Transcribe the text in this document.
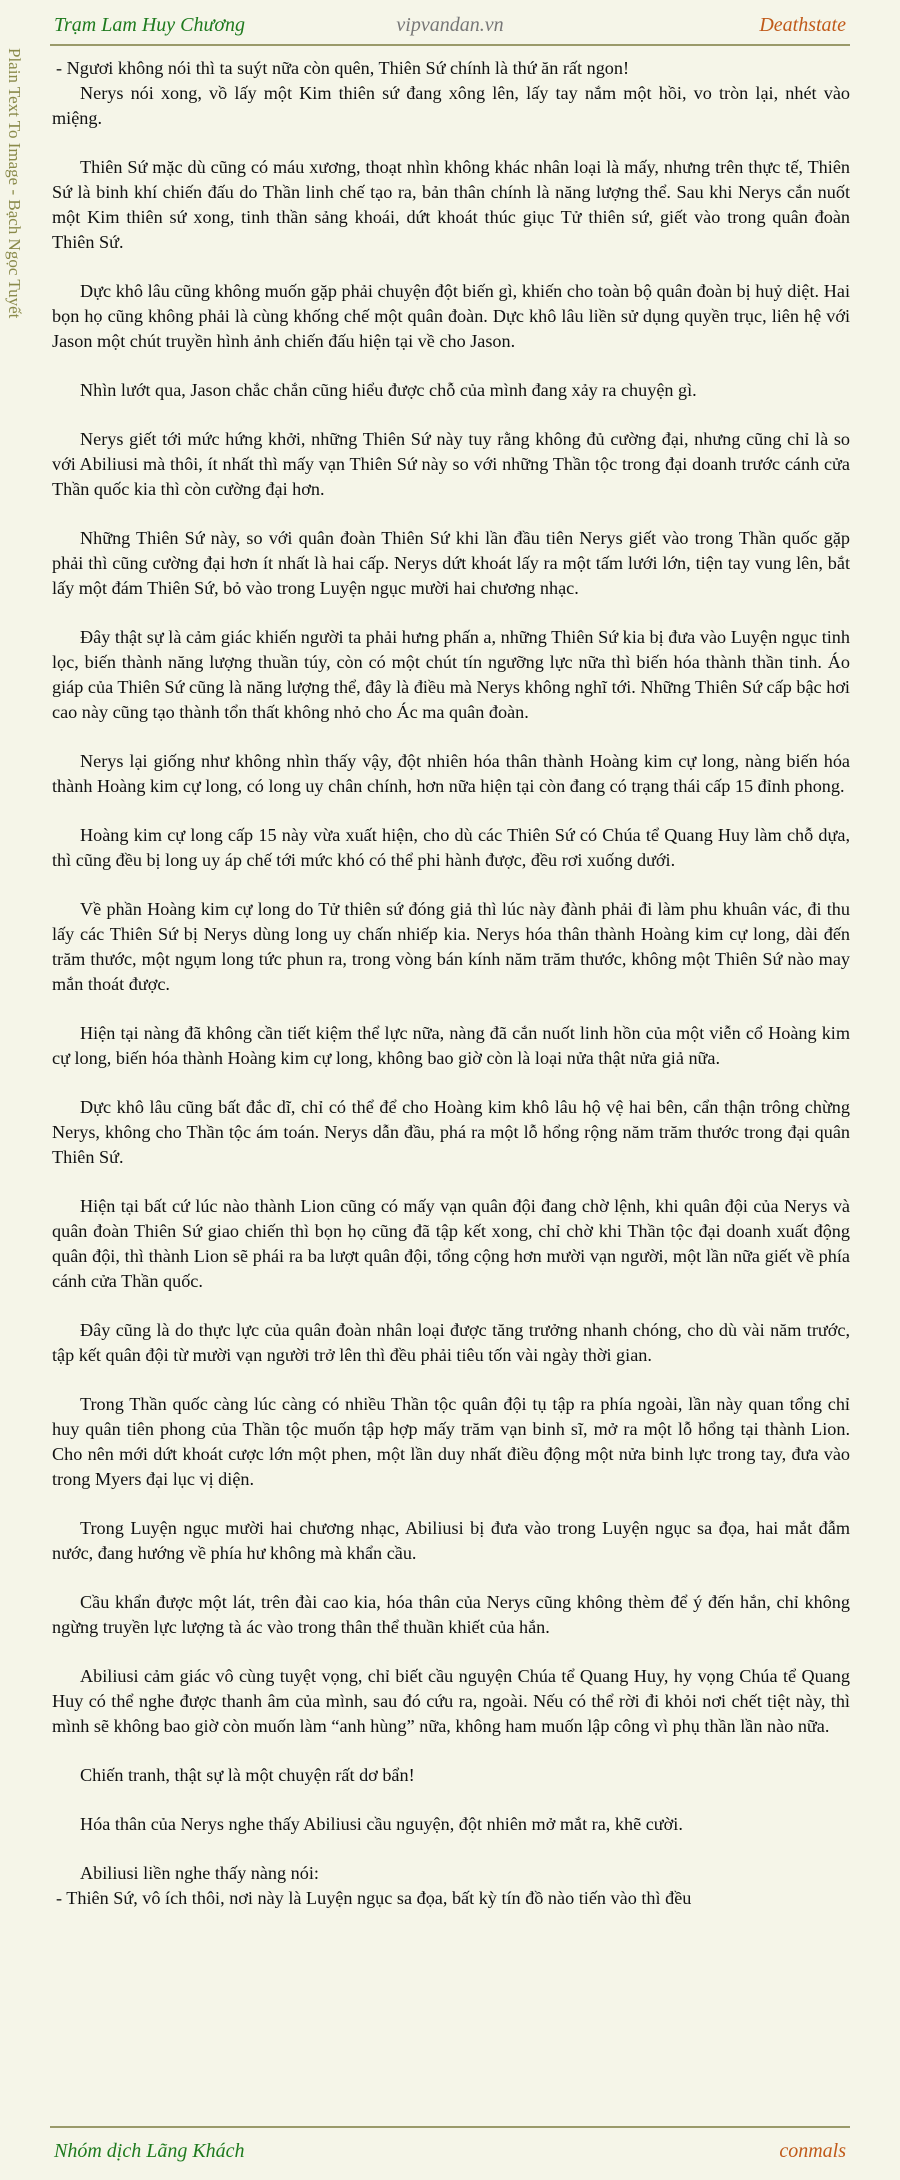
Trạm Lam Huy Chương	vipvandan.vn	Deathstate
Plain Text To Image - Bạch Ngọc Tuyết - Ngươi không nói thì ta suýt nữa còn quên, Thiên Sứ chính là thứ ăn rất ngon!

Nerys nói xong, vồ lấy một Kim thiên sứ đang xông lên, lấy tay nắm một hồi, vo tròn lại, nhét vào miệng.

Thiên Sứ mặc dù cũng có máu xương, thoạt nhìn không khác nhân loại là mấy, nhưng trên thực tế, Thiên Sứ là binh khí chiến đấu do Thần linh chế tạo ra, bản thân chính là năng lượng thể. Sau khi Nerys cắn nuốt một Kim thiên sứ xong, tinh thần sảng khoái, dứt khoát thúc giục Tử thiên sứ, giết vào trong quân đoàn Thiên Sứ.

Dực khô lâu cũng không muốn gặp phải chuyện đột biến gì, khiến cho toàn bộ quân đoàn bị huỷ diệt. Hai bọn họ cũng không phải là cùng khống chế một quân đoàn. Dực khô lâu liền sử dụng quyền trục, liên hệ với Jason một chút truyền hình ảnh chiến đấu hiện tại về cho Jason.

Nhìn lướt qua, Jason chắc chắn cũng hiểu được chỗ của mình đang xảy ra chuyện gì.

Nerys giết tới mức hứng khởi, những Thiên Sứ này tuy rằng không đủ cường đại, nhưng cũng chỉ là so với Abiliusi mà thôi, ít nhất thì mấy vạn Thiên Sứ này so với những Thần tộc trong đại doanh trước cánh cửa Thần quốc kia thì còn cường đại hơn.

Những Thiên Sứ này, so với quân đoàn Thiên Sứ khi lần đầu tiên Nerys giết vào trong Thần quốc gặp phải thì cũng cường đại hơn ít nhất là hai cấp. Nerys dứt khoát lấy ra một tấm lưới lớn, tiện tay vung lên, bắt lấy một đám Thiên Sứ, bỏ vào trong Luyện ngục mười hai chương nhạc.

Đây thật sự là cảm giác khiến người ta phải hưng phấn a, những Thiên Sứ kia bị đưa vào Luyện ngục tinh lọc, biến thành năng lượng thuần túy, còn có một chút tín ngưỡng lực nữa thì biến hóa thành thần tinh. Áo giáp của Thiên Sứ cũng là năng lượng thể, đây là điều mà Nerys không nghĩ tới. Những Thiên Sứ cấp bậc hơi cao này cũng tạo thành tổn thất không nhỏ cho Ác ma quân đoàn.

Nerys lại giống như không nhìn thấy vậy, đột nhiên hóa thân thành Hoàng kim cự long, nàng biến hóa thành Hoàng kim cự long, có long uy chân chính, hơn nữa hiện tại còn đang có trạng thái cấp 15 đỉnh phong.

Hoàng kim cự long cấp 15 này vừa xuất hiện, cho dù các Thiên Sứ có Chúa tể Quang Huy làm chỗ dựa, thì cũng đều bị long uy áp chế tới mức khó có thể phi hành được, đều rơi xuống dưới.

Về phần Hoàng kim cự long do Tử thiên sứ đóng giả thì lúc này đành phải đi làm phu khuân vác, đi thu lấy các Thiên Sứ bị Nerys dùng long uy chấn nhiếp kia. Nerys hóa thân thành Hoàng kim cự long, dài đến trăm thước, một ngụm long tức phun ra, trong vòng bán kính năm trăm thước, không một Thiên Sứ nào may mắn thoát được.

Hiện tại nàng đã không cần tiết kiệm thể lực nữa, nàng đã cắn nuốt linh hồn của một viễn cổ Hoàng kim cự long, biến hóa thành Hoàng kim cự long, không bao giờ còn là loại nửa thật nửa giả nữa.

Dực khô lâu cũng bất đắc dĩ, chỉ có thể để cho Hoàng kim khô lâu hộ vệ hai bên, cẩn thận trông chừng Nerys, không cho Thần tộc ám toán. Nerys dẫn đầu, phá ra một lỗ hổng rộng năm trăm thước trong đại quân Thiên Sứ.

Hiện tại bất cứ lúc nào thành Lion cũng có mấy vạn quân đội đang chờ lệnh, khi quân đội của Nerys và quân đoàn Thiên Sứ giao chiến thì bọn họ cũng đã tập kết xong, chỉ chờ khi Thần tộc đại doanh xuất động quân đội, thì thành Lion sẽ phái ra ba lượt quân đội, tổng cộng hơn mười vạn người, một lần nữa giết về phía cánh cửa Thần quốc.

Đây cũng là do thực lực của quân đoàn nhân loại được tăng trưởng nhanh chóng, cho dù vài năm trước, tập kết quân đội từ mười vạn người trở lên thì đều phải tiêu tốn vài ngày thời gian.

Trong Thần quốc càng lúc càng có nhiều Thần tộc quân đội tụ tập ra phía ngoài, lần này quan tổng chỉ huy quân tiên phong của Thần tộc muốn tập hợp mấy trăm vạn binh sĩ, mở ra một lỗ hổng tại thành Lion. Cho nên mới dứt khoát cược lớn một phen, một lần duy nhất điều động một nửa binh lực trong tay, đưa vào trong Myers đại lục vị diện.

Trong Luyện ngục mười hai chương nhạc, Abiliusi bị đưa vào trong Luyện ngục sa đọa, hai mắt đẫm nước, đang hướng về phía hư không mà khẩn cầu.

Cầu khẩn được một lát, trên đài cao kia, hóa thân của Nerys cũng không thèm để ý đến hắn, chỉ không ngừng truyền lực lượng tà ác vào trong thân thể thuần khiết của hắn.

Abiliusi cảm giác vô cùng tuyệt vọng, chỉ biết cầu nguyện Chúa tể Quang Huy, hy vọng Chúa tể Quang Huy có thể nghe được thanh âm của mình, sau đó cứu ra, ngoài. Nếu có thể rời đi khỏi nơi chết tiệt này, thì mình sẽ không bao giờ còn muốn làm “anh hùng” nữa, không ham muốn lập công vì phụ thần lần nào nữa.

Chiến tranh, thật sự là một chuyện rất dơ bẩn!

Hóa thân của Nerys nghe thấy Abiliusi cầu nguyện, đột nhiên mở mắt ra, khẽ cười.

Abiliusi liền nghe thấy nàng nói:

- Thiên Sứ, vô ích thôi, nơi này là Luyện ngục sa đọa, bất kỳ tín đồ nào tiến vào thì đều

Nhóm dịch Lãng Khách	conmals
